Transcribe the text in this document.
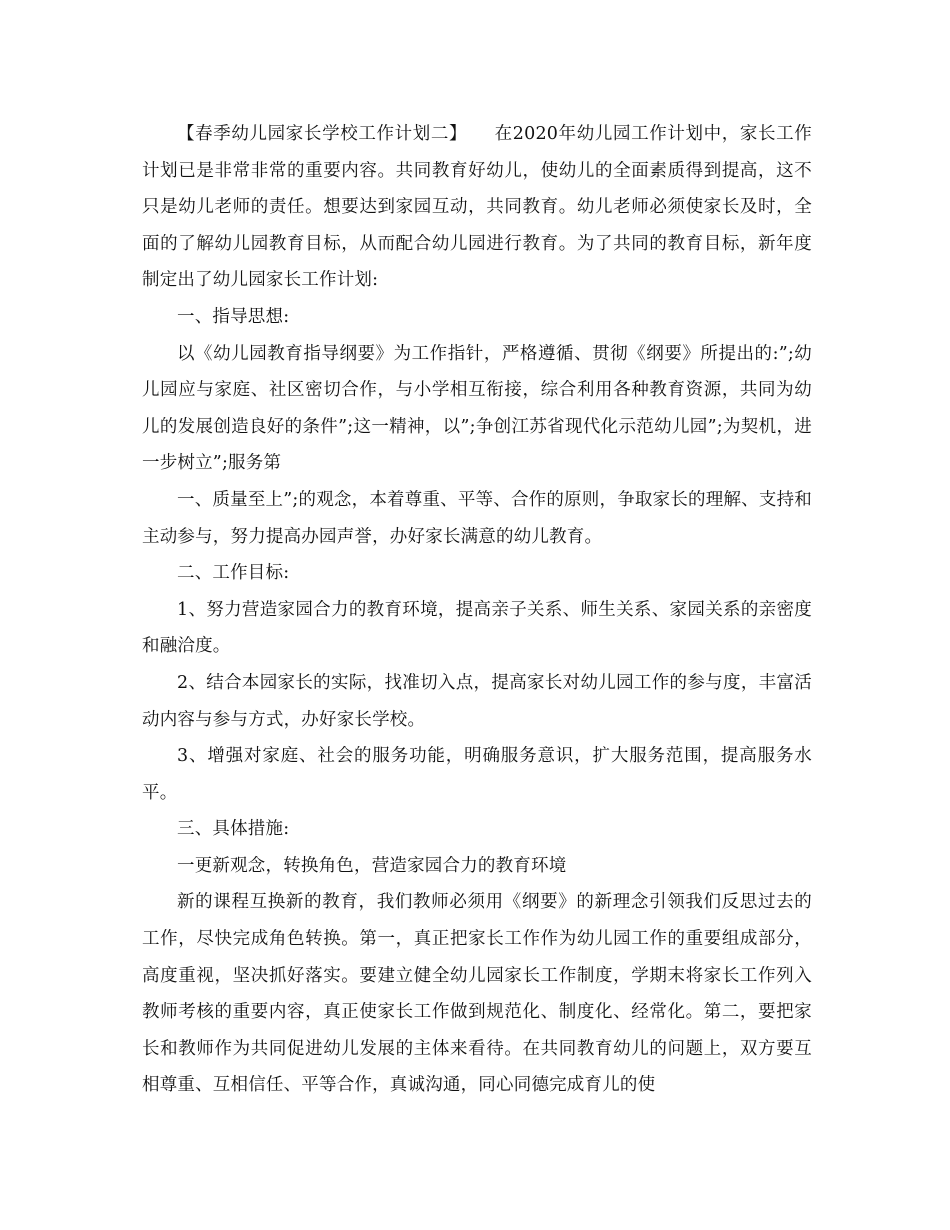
【春季幼儿园家长学校工作计划二】　　在2020年幼儿园工作计划中，家长工作计划已是非常非常的重要内容。共同教育好幼儿，使幼儿的全面素质得到提高，这不只是幼儿老师的责任。想要达到家园互动，共同教育。幼儿老师必须使家长及时，全面的了解幼儿园教育目标，从而配合幼儿园进行教育。为了共同的教育目标，新年度制定出了幼儿园家长工作计划:

一、指导思想:

以《幼儿园教育指导纲要》为工作指针，严格遵循、贯彻《纲要》所提出的:”;幼儿园应与家庭、社区密切合作，与小学相互衔接，综合利用各种教育资源，共同为幼儿的发展创造良好的条件”;这一精神，以”;争创江苏省现代化示范幼儿园”;为契机，进一步树立”;服务第

一、质量至上”;的观念，本着尊重、平等、合作的原则，争取家长的理解、支持和主动参与，努力提高办园声誉，办好家长满意的幼儿教育。

二、工作目标:

1、努力营造家园合力的教育环境，提高亲子关系、师生关系、家园关系的亲密度和融洽度。

2、结合本园家长的实际，找准切入点，提高家长对幼儿园工作的参与度，丰富活动内容与参与方式，办好家长学校。

3、增强对家庭、社会的服务功能，明确服务意识，扩大服务范围，提高服务水平。

三、具体措施:

一更新观念，转换角色，营造家园合力的教育环境

新的课程互换新的教育，我们教师必须用《纲要》的新理念引领我们反思过去的工作，尽快完成角色转换。第一，真正把家长工作作为幼儿园工作的重要组成部分，高度重视，坚决抓好落实。要建立健全幼儿园家长工作制度，学期末将家长工作列入教师考核的重要内容，真正使家长工作做到规范化、制度化、经常化。第二，要把家长和教师作为共同促进幼儿发展的主体来看待。在共同教育幼儿的问题上，双方要互相尊重、互相信任、平等合作，真诚沟通，同心同德完成育儿的使
